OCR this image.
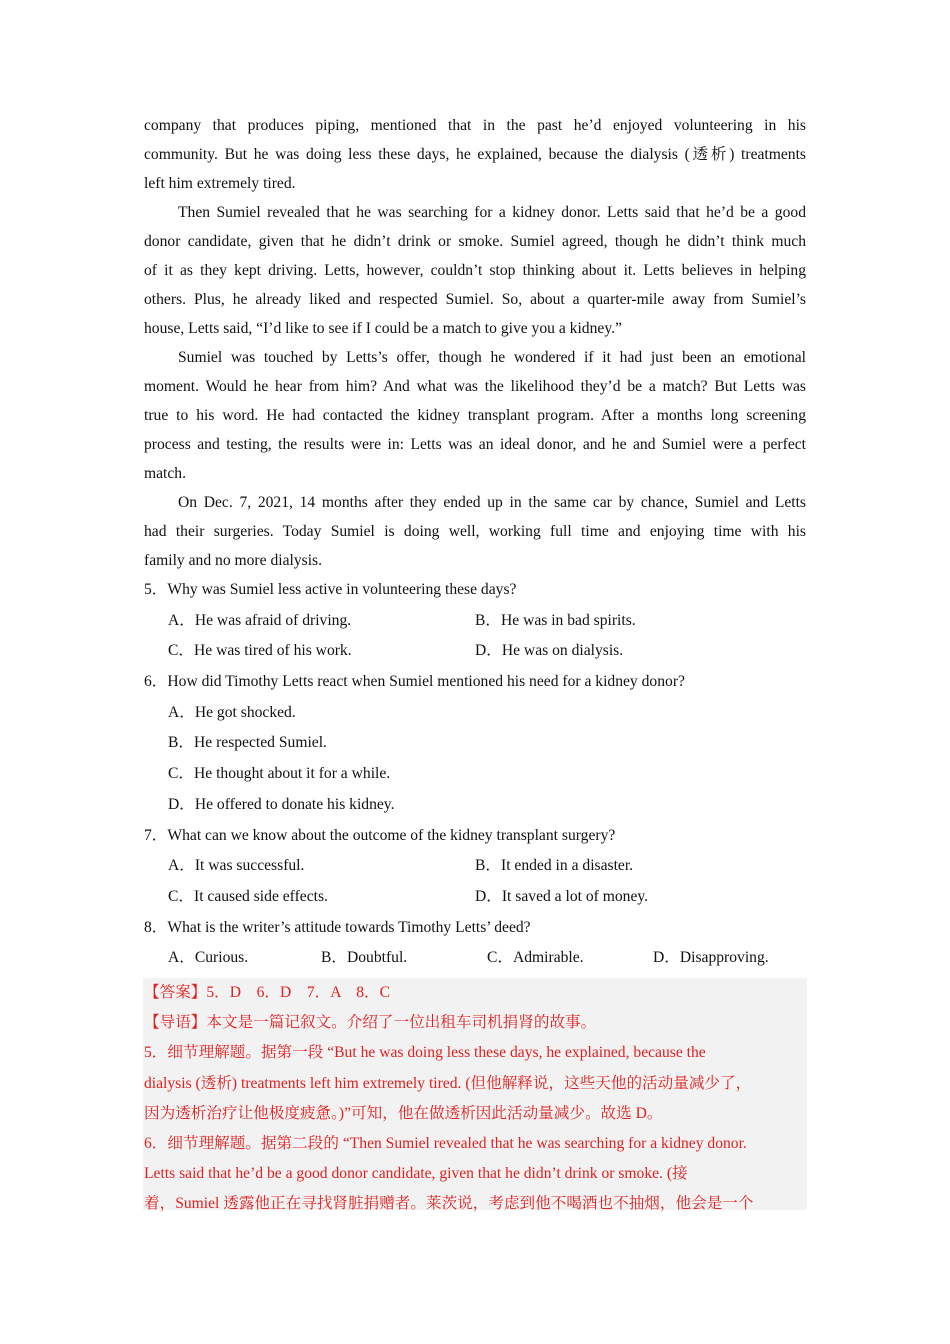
company that produces piping, mentioned that in the past he’d enjoyed volunteering in his
community. But he was doing less these days, he explained, because the dialysis (透析) treatments
left him extremely tired.
Then Sumiel revealed that he was searching for a kidney donor. Letts said that he’d be a good
donor candidate, given that he didn’t drink or smoke. Sumiel agreed, though he didn’t think much
of it as they kept driving. Letts, however, couldn’t stop thinking about it. Letts believes in helping
others. Plus, he already liked and respected Sumiel. So, about a quarter-mile away from Sumiel’s
house, Letts said, “I’d like to see if I could be a match to give you a kidney.”
Sumiel was touched by Letts’s offer, though he wondered if it had just been an emotional
moment. Would he hear from him? And what was the likelihood they’d be a match? But Letts was
true to his word. He had contacted the kidney transplant program. After a months long screening
process and testing, the results were in: Letts was an ideal donor, and he and Sumiel were a perfect
match.
On Dec. 7, 2021, 14 months after they ended up in the same car by chance, Sumiel and Letts
had their surgeries. Today Sumiel is doing well, working full time and enjoying time with his
family and no more dialysis.
5．Why was Sumiel less active in volunteering these days?
A．He was afraid of driving.	B．He was in bad spirits.
C．He was tired of his work.	D．He was on dialysis.
6．How did Timothy Letts react when Sumiel mentioned his need for a kidney donor?
A．He got shocked.
B．He respected Sumiel.
C．He thought about it for a while.
D．He offered to donate his kidney.
7．What can we know about the outcome of the kidney transplant surgery?
A．It was successful.	B．It ended in a disaster.
C．It caused side effects.	D．It saved a lot of money.
8．What is the writer’s attitude towards Timothy Letts’ deed?
A．Curious.	B．Doubtful.	C．Admirable.	D．Disapproving.
【答案】5．D　6．D　7．A　8．C
【导语】本文是一篇记叙文。介绍了一位出租车司机捐肾的故事。
5．细节理解题。据第一段 “But he was doing less these days, he explained, because the
dialysis (透析) treatments left him extremely tired. (但他解释说，这些天他的活动量减少了，
因为透析治疗让他极度疲惫。)”可知，他在做透析因此活动量减少。故选 D。
6．细节理解题。据第二段的 “Then Sumiel revealed that he was searching for a kidney donor.
Letts said that he’d be a good donor candidate, given that he didn’t drink or smoke. (接
着，Sumiel 透露他正在寻找肾脏捐赠者。莱茨说，考虑到他不喝酒也不抽烟，他会是一个
